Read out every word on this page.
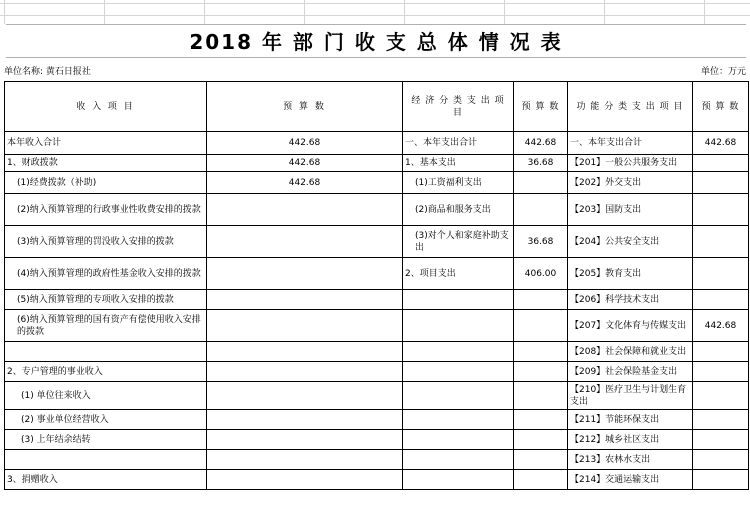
2018 年 部 门 收 支 总 体 情 况 表
单位名称: 黄石日报社	单位：万元
收 入 项 目	预 算 数	经 济 分 类 支 出 项 目	预 算 数	功 能 分 类 支 出 项 目	预 算 数
本年收入合计	442.68	一、本年支出合计	442.68	一、本年支出合计	442.68
1、财政拨款	442.68	1、基本支出	36.68	【201】一般公共服务支出	
(1)经费拨款（补助)	442.68	(1)工资福利支出		【202】外交支出	
(2)纳入预算管理的行政事业性收费安排的拨款		(2)商品和服务支出		【203】国防支出	
(3)纳入预算管理的罚没收入安排的拨款		(3)对个人和家庭补助支出	36.68	【204】公共安全支出	
(4)纳入预算管理的政府性基金收入安排的拨款		2、项目支出	406.00	【205】教育支出	
(5)纳入预算管理的专项收入安排的拨款				【206】科学技术支出	
(6)纳入预算管理的国有资产有偿使用收入安排的拨款				【207】文化体育与传媒支出	442.68
				【208】社会保障和就业支出	
2、专户管理的事业收入				【209】社会保险基金支出	
(1) 单位往来收入				【210】医疗卫生与计划生育支出	
(2) 事业单位经营收入				【211】节能环保支出	
(3) 上年结余结转				【212】城乡社区支出	
				【213】农林水支出	
3、捐赠收入				【214】交通运输支出	
